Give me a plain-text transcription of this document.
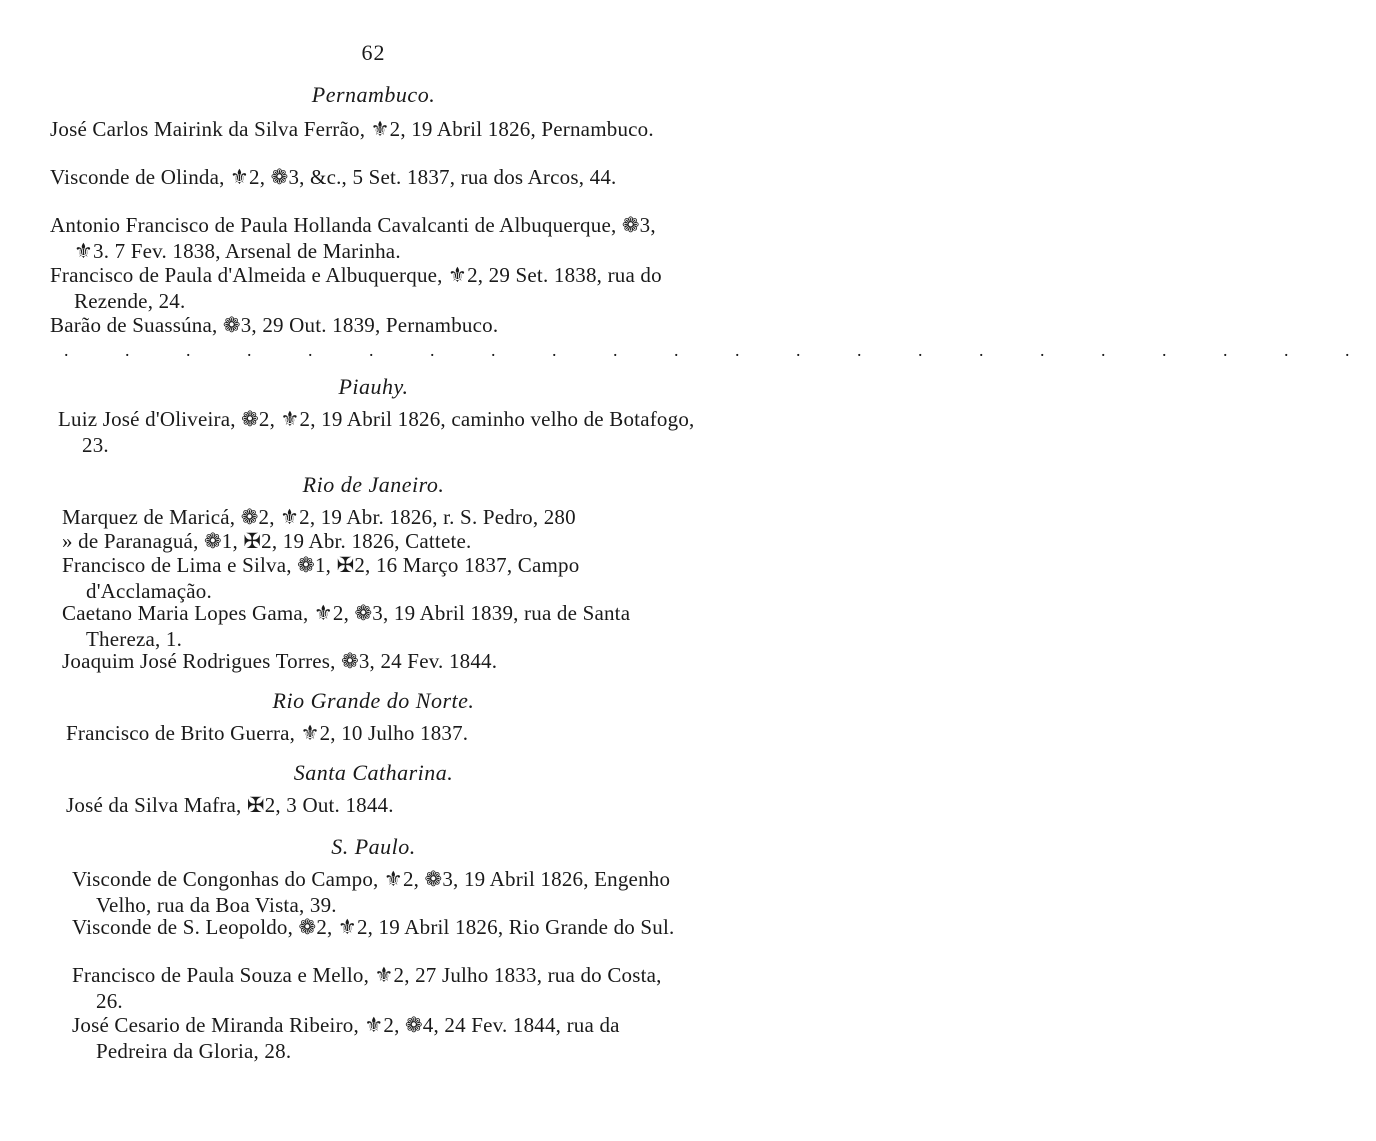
62
Pernambuco.
José Carlos Mairink da Silva Ferrão, ⚜2, 19 Abril 1826, Pernambuco.
Visconde de Olinda, ⚜2, ❁3, &c., 5 Set. 1837, rua dos Arcos, 44.
Antonio Francisco de Paula Hollanda Cavalcanti de Albuquerque, ❁3, ⚜3. 7 Fev. 1838, Arsenal de Marinha.
Francisco de Paula d'Almeida e Albuquerque, ⚜2, 29 Set. 1838, rua do Rezende, 24.
Barão de Suassúna, ❁3, 29 Out. 1839, Pernambuco.
. . . . . . . . . . . . . . . . . . . . . .
Piauhy.
Luiz José d'Oliveira, ❁2, ⚜2, 19 Abril 1826, caminho velho de Botafogo, 23.
Rio de Janeiro.
Marquez de Maricá, ❁2, ⚜2, 19 Abr. 1826, r. S. Pedro, 280
» de Paranaguá, ❁1, ✠2, 19 Abr. 1826, Cattete.
Francisco de Lima e Silva, ❁1, ✠2, 16 Março 1837, Campo d'Acclamação.
Caetano Maria Lopes Gama, ⚜2, ❁3, 19 Abril 1839, rua de Santa Thereza, 1.
Joaquim José Rodrigues Torres, ❁3, 24 Fev. 1844.
Rio Grande do Norte.
Francisco de Brito Guerra, ⚜2, 10 Julho 1837.
Santa Catharina.
José da Silva Mafra, ✠2, 3 Out. 1844.
S. Paulo.
Visconde de Congonhas do Campo, ⚜2, ❁3, 19 Abril 1826, Engenho Velho, rua da Boa Vista, 39.
Visconde de S. Leopoldo, ❁2, ⚜2, 19 Abril 1826, Rio Grande do Sul.
Francisco de Paula Souza e Mello, ⚜2, 27 Julho 1833, rua do Costa, 26.
José Cesario de Miranda Ribeiro, ⚜2, ❁4, 24 Fev. 1844, rua da Pedreira da Gloria, 28.
